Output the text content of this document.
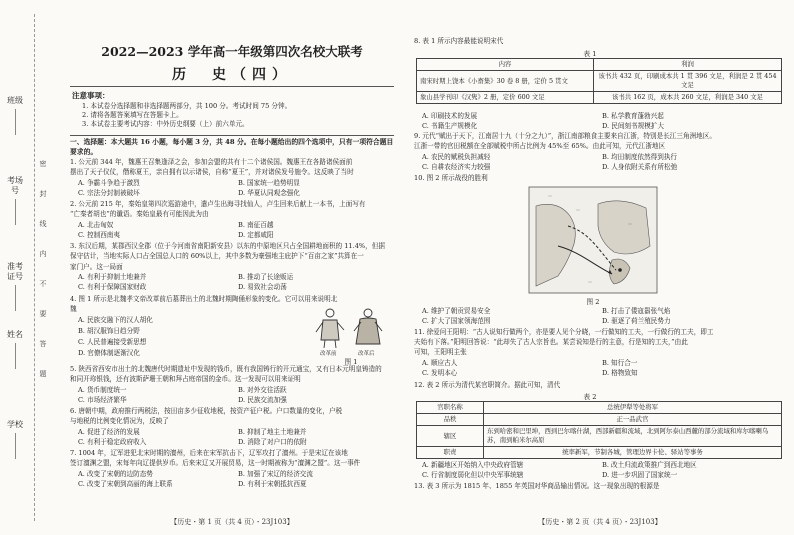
班级
考场号
准考证号
姓名
学校
密
封
线
内
不
要
答
题
2022—2023 学年高一年级第四次名校大联考
历　史（四）
注意事项：
1. 本试卷分选择题和非选择题两部分，共 100 分。考试时间 75 分钟。
2. 请将各题答案填写在答题卡上。
3. 本试卷主要考试内容：中外历史纲要（上）前六单元。
一、选择题：本大题共 16 小题，每小题 3 分，共 48 分。在每小题给出的四个选项中，只有一项符合题目要求的。
1. 公元前 344 年，魏惠王召集逢泽之会，参加会盟的共有十二个诸侯国。魏惠王在各路诸侯面前
摆出了天子仪仗，僭称夏王，亲自拥有以示诸侯，自称“夏王”，并对诸侯发号施令。这反映了当时
A. 争霸斗争趋于激烈	B. 国家统一趋势明显
C. 宗法分封制被破坏	D. 华夏认同观念强化
2. 公元前 215 年，秦始皇第四次巡游途中，遣卢生出海寻找仙人，卢生回来后献上一本书，上面写有
“亡秦者胡也”的谶语。秦始皇最有可能因此为由
A. 北击匈奴	B. 南征百越
C. 控制西南夷	D. 定都咸阳
3. 东汉后期，某郡西汉全郡（位于今河南省南阳新安县）以东的中原地区只占全国耕地面积的 11.4%，但据
保守估计，当地实际人口占全国总人口的 60%以上，其中多数为豪强地主庇护下“百亩之家”共算在一
家门户。这一局面
A. 有利于抑制土地兼并	B. 推动了长途贩运
C. 有利于保障国家财政	D. 易致社会动荡
4. 图 1 所示是北魏孝文帝改革前后墓葬出土的北魏时期陶俑形象的变化。它可以用来说明北
魏
A. 民族交融下的汉人胡化
B. 胡汉服饰日趋分野
C. 人民普遍接受新思想
D. 官僚体制逐渐汉化	改革前	改革后
图 1
5. 陕西省西安市出土的北魏唐代时期遗址中发现的钱币，既有我国铸行的开元通宝，又有日本元明皇铸造的
和同开珎银钱，还有波斯萨珊王朝和拜占庭帝国的金币。这一发现可以用来证明
A. 货币制度统一	B. 对外交往活跃
C. 市场经济繁华	D. 民族交流加强
6. 唐朝中期，政府推行两税法，按田亩多少征收地税，按资产征户税。户口数量的变化，户税
与地税的比例变化情况为，反映了
A. 促进了经济的发展	B. 抑制了地主土地兼并
C. 有利于稳定政府收入	D. 消除了对户口的依附
7. 1004 年，辽军进犯北宋时期的澶州，后来在宋军抗击下，辽军攻打了澶州。于是宋辽在该地
签订澶渊之盟，宋每年向辽提供岁币。后来宋辽又开展贸易，这一时期被称为“澶渊之盟”。这一事件
A. 改变了宋朝的边防态势	B. 加强了宋辽的经济交流
C. 改变了宋朝到高丽的海上联系	D. 有利于宋朝抵抗西夏
【历史・第 1 页（共 4 页）・23J103】
8. 表 1 所示内容最能说明宋代
表 1
内容	利润
南宋时期上饶本《小畜集》30 卷 8 册，定价 5 贯文	该书共 432 页，印刷成本共 1 贯 396 文足，利润是 2 贯 454 文足
象山县学刊印《汉隽》2 册，定价 600 文足	该书共 162 页，成本共 260 文足，利润是 340 文足
A. 印刷技术的发展	B. 私学教育蓬勃兴起
C. 书籍生产规模化	D. 民间刻书规模扩大
9. 元代“赋出于天下，江南居十九（十分之九）”，浙江南部粮食主要来自江浙，特别是长江三角洲地区。
江浙一带的官田税额在全部赋税中所占比例为 45%至 65%。由此可知，元代江浙地区
A. 农民的赋税负担减轻	B. 均田制度依然得到执行
C. 自耕农经济实力较强	D. 人身依附关系有所松弛
10. 图 2 所示战役的胜利
图 2
A. 维护了朝贡贸易安全	B. 打击了倭寇嚣张气焰
C. 扩大了国家领海范围	D. 驱逐了荷兰殖民势力
11. 徐爱问王阳明：“古人说知行做两个，亦是要人见个分晓，一行做知的工夫，一行做行的工夫，即工
夫始有下落。”阳明回答说：“此却失了古人宗旨也。某尝说知是行的主意，行是知的工夫，”由此
可知，王阳明主张
A. 顺应古人	B. 知行合一
C. 发明本心	D. 格物致知
12. 表 2 所示为清代某官职简介。据此可知，清代
表 2
官职名称	总统伊犁等处将军
品秩	正一品武官
辖区	东到哈密和巴里坤，西到巴尔喀什湖，西部新疆和流域，北到阿尔泰山西麓的部分流域和库尔喀喇乌苏，南到帕米尔高原
职责	统率新军，节制各城，管理边界卡伦、驿站等事务
A. 新疆地区开始纳入中央政府管辖	B. 改土归流政策推广到西北地区
C. 行省制度弱化但以中央军事统辖	D. 进一步巩固了国家统一
13. 表 3 所示为 1815 年、1855 年英国对华商品输出情况。这一现象出现的根源是
【历史・第 2 页（共 4 页）・23J103】
